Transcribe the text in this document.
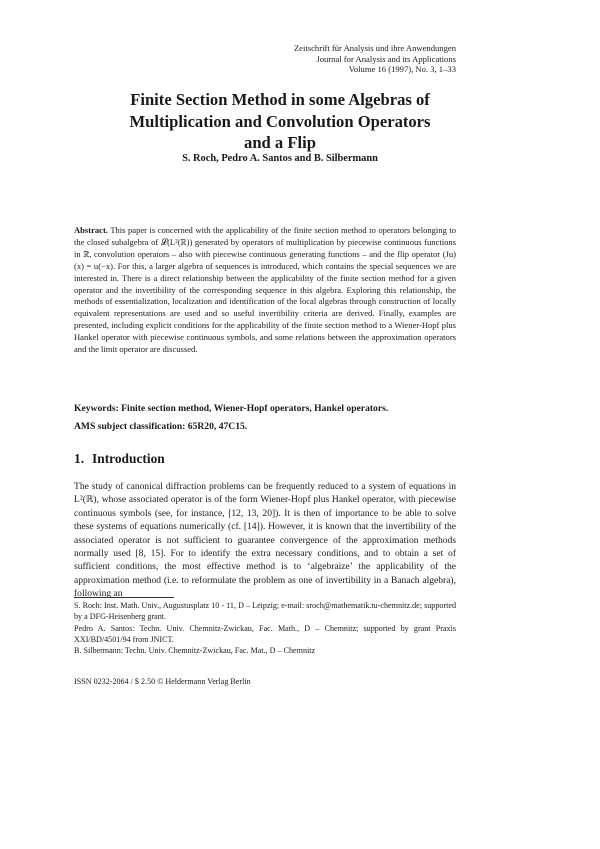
Zeitschrift für Analysis und ihre Anwendungen
Journal for Analysis and its Applications
Volume 16 (1997), No. 3, 1–33
Finite Section Method in some Algebras of
Multiplication and Convolution Operators
and a Flip
S. Roch, Pedro A. Santos and B. Silbermann
Abstract. This paper is concerned with the applicability of the finite section method to operators belonging to the closed subalgebra of 𝓛(L²(ℝ)) generated by operators of multiplication by piecewise continuous functions in ℝ̄, convolution operators – also with piecewise continuous generating functions – and the flip operator (Ju)(x) = u(−x). For this, a larger algebra of sequences is introduced, which contains the special sequences we are interested in. There is a direct relationship between the applicability of the finite section method for a given operator and the invertibility of the corresponding sequence in this algebra. Exploring this relationship, the methods of essentialization, localization and identification of the local algebras through construction of locally equivalent representations are used and so useful invertibility criteria are derived. Finally, examples are presented, including explicit conditions for the applicability of the finite section method to a Wiener-Hopf plus Hankel operator with piecewise continuous symbols, and some relations between the approximation operators and the limit operator are discussed.
Keywords: Finite section method, Wiener-Hopf operators, Hankel operators.
AMS subject classification: 65R20, 47C15.
1. Introduction
The study of canonical diffraction problems can be frequently reduced to a system of equations in L²(ℝ), whose associated operator is of the form Wiener-Hopf plus Hankel operator, with piecewise continuous symbols (see, for instance, [12, 13, 20]). It is then of importance to be able to solve these systems of equations numerically (cf. [14]). However, it is known that the invertibility of the associated operator is not sufficient to guarantee convergence of the approximation methods normally used [8, 15]. For to identify the extra necessary conditions, and to obtain a set of sufficient conditions, the most effective method is to ‘algebraize’ the applicability of the approximation method (i.e. to reformulate the problem as one of invertibility in a Banach algebra), following an
S. Roch: Inst. Math. Univ., Augustusplatz 10 - 11, D – Leipzig; e-mail: sroch@mathematik.tu-chemnitz.de; supported by a DFG-Heisenberg grant.
Pedro A. Santos: Techn. Univ. Chemnitz-Zwickau, Fac. Math., D – Chemnitz; supported by grant Praxis XXI/BD/4501/94 from JNICT.
B. Silbermann: Techn. Univ. Chemnitz-Zwickau, Fac. Mat., D – Chemnitz
ISSN 0232-2064 / $ 2.50 © Heldermann Verlag Berlin
